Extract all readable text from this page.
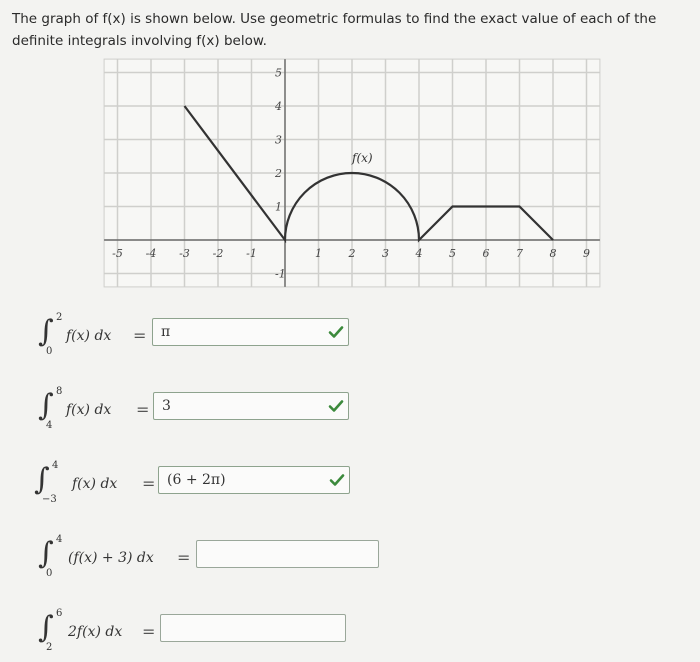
The graph of f(x) is shown below. Use geometric formulas to find the exact value of each of the definite integrals involving f(x) below.
-5 -4 -3 -2 -1	1 2 3 4 5 6 7 8 9
5
4
3
2
1
-1
f(x)
∫ 2
0
f(x) dx = π
∫ 8
4
f(x) dx = 3
∫ 4
−3
f(x) dx = (6 + 2π)
∫ 4
0
(f(x) + 3) dx =
∫ 6
2
2f(x) dx =
